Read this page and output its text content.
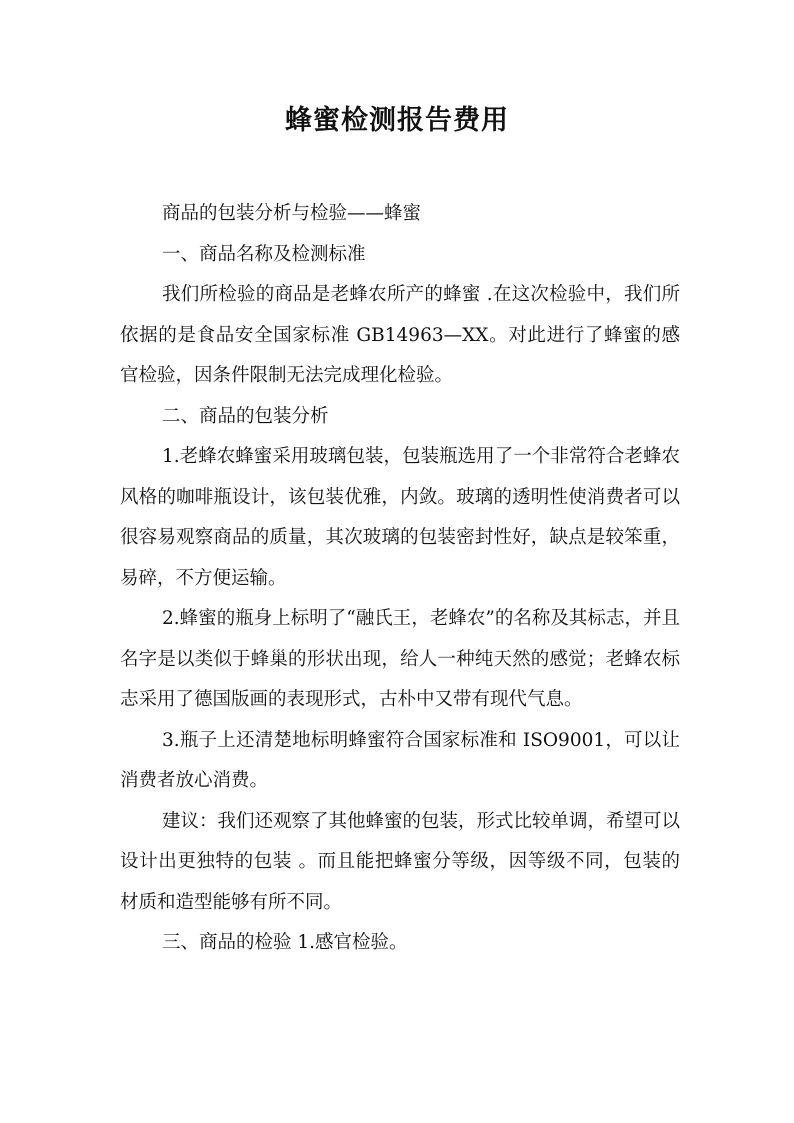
蜂蜜检测报告费用

商品的包装分析与检验——蜂蜜

一、商品名称及检测标准

我们所检验的商品是老蜂农所产的蜂蜜 .在这次检验中，我们所依据的是食品安全国家标准 GB14963—XX。对此进行了蜂蜜的感官检验，因条件限制无法完成理化检验。

二、商品的包装分析

1.老蜂农蜂蜜采用玻璃包装，包装瓶选用了一个非常符合老蜂农风格的咖啡瓶设计，该包装优雅，内敛。玻璃的透明性使消费者可以很容易观察商品的质量，其次玻璃的包装密封性好，缺点是较笨重，易碎，不方便运输。

2.蜂蜜的瓶身上标明了“融氏王，老蜂农”的名称及其标志，并且名字是以类似于蜂巢的形状出现，给人一种纯天然的感觉；老蜂农标志采用了德国版画的表现形式，古朴中又带有现代气息。

3.瓶子上还清楚地标明蜂蜜符合国家标准和 ISO9001，可以让消费者放心消费。

建议：我们还观察了其他蜂蜜的包装，形式比较单调，希望可以设计出更独特的包装 。而且能把蜂蜜分等级，因等级不同，包装的材质和造型能够有所不同。

三、商品的检验 1.感官检验。
